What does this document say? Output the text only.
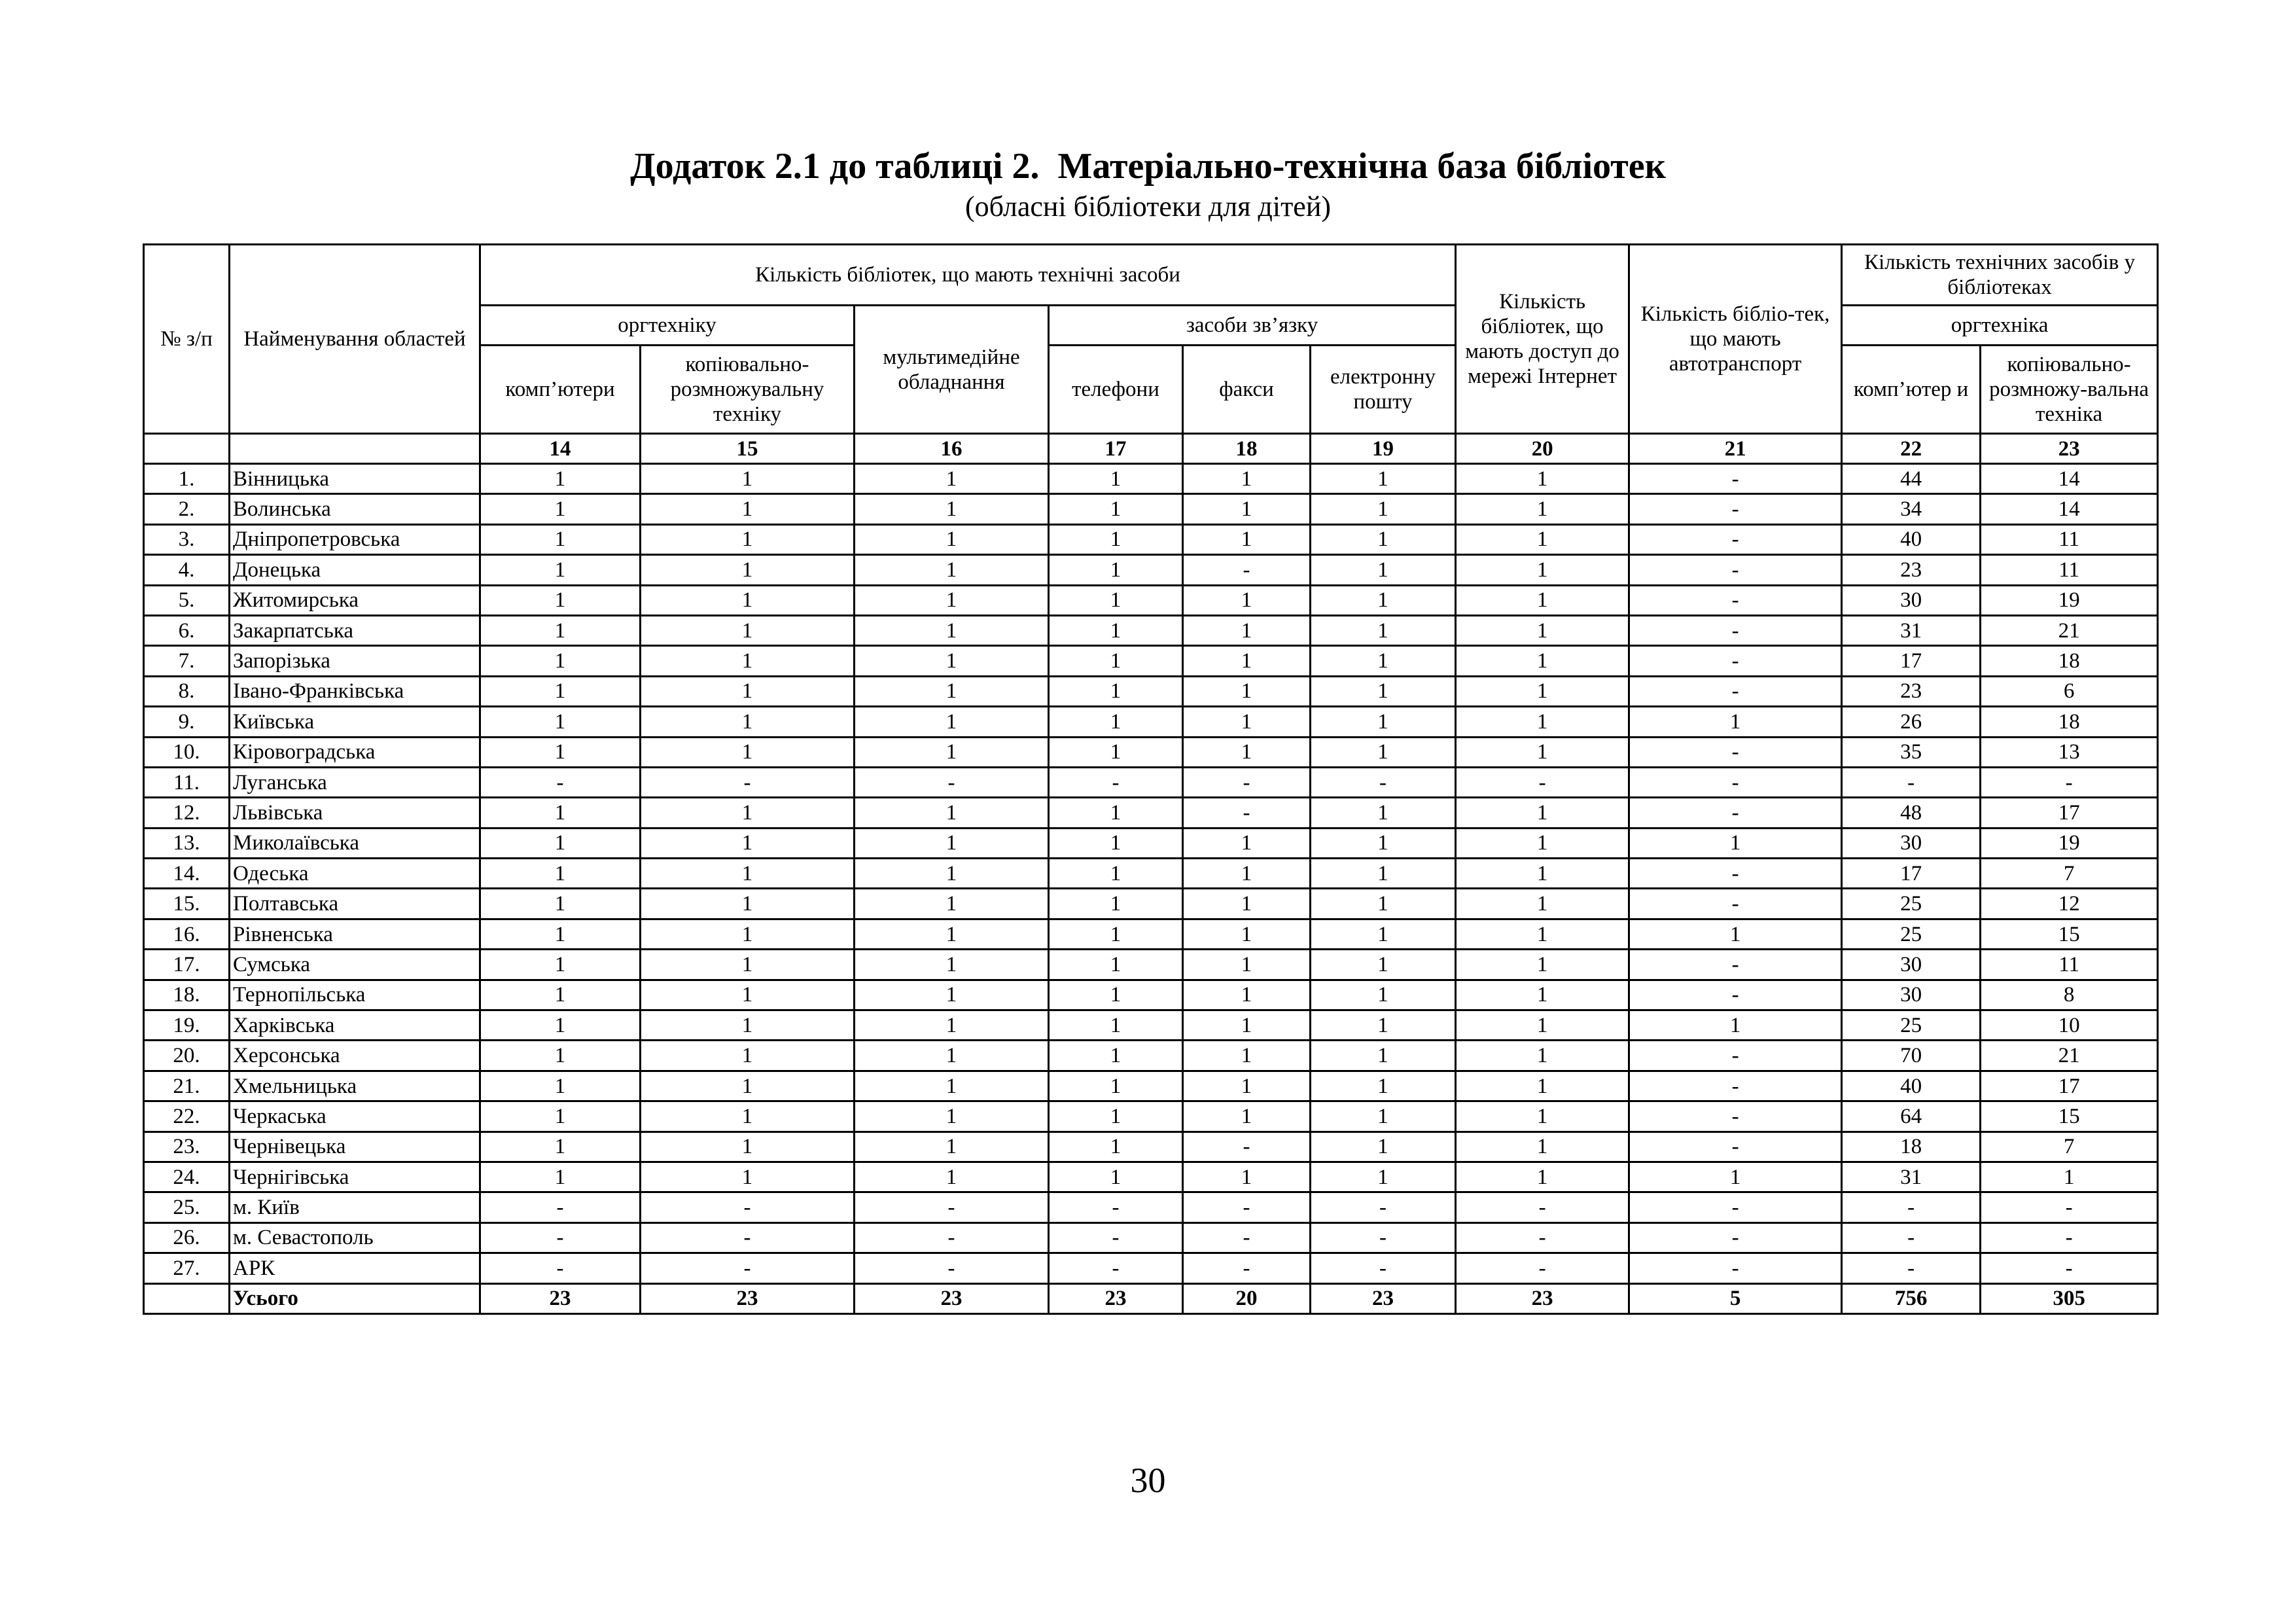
Додаток 2.1 до таблиці 2.  Матеріально-технічна база бібліотек
(обласні бібліотеки для дітей)
№ з/п	Найменування областей	Кількість бібліотек, що мають технічні засоби						Кількість бібліотек, що мають доступ до мережі Інтернет	Кількість бібліо-тек, що мають автотранспорт	Кількість технічних засобів у бібліотеках	
		оргтехніку		мультимедійне обладнання	засоби зв’язку					оргтехніка	
		комп’ютери	копіювально-розмножувальну техніку		телефони	факси	електронну пошту			комп’ютер и	копіювально-розмножу-вальна техніка
		14	15	16	17	18	19	20	21	22	23
1.	Вінницька	1	1	1	1	1	1	1	-	44	14
2.	Волинська	1	1	1	1	1	1	1	-	34	14
3.	Дніпропетровська	1	1	1	1	1	1	1	-	40	11
4.	Донецька	1	1	1	1	-	1	1	-	23	11
5.	Житомирська	1	1	1	1	1	1	1	-	30	19
6.	Закарпатська	1	1	1	1	1	1	1	-	31	21
7.	Запорізька	1	1	1	1	1	1	1	-	17	18
8.	Івано-Франківська	1	1	1	1	1	1	1	-	23	6
9.	Київська	1	1	1	1	1	1	1	1	26	18
10.	Кіровоградська	1	1	1	1	1	1	1	-	35	13
11.	Луганська	-	-	-	-	-	-	-	-	-	-
12.	Львівська	1	1	1	1	-	1	1	-	48	17
13.	Миколаївська	1	1	1	1	1	1	1	1	30	19
14.	Одеська	1	1	1	1	1	1	1	-	17	7
15.	Полтавська	1	1	1	1	1	1	1	-	25	12
16.	Рівненська	1	1	1	1	1	1	1	1	25	15
17.	Сумська	1	1	1	1	1	1	1	-	30	11
18.	Тернопільська	1	1	1	1	1	1	1	-	30	8
19.	Харківська	1	1	1	1	1	1	1	1	25	10
20.	Херсонська	1	1	1	1	1	1	1	-	70	21
21.	Хмельницька	1	1	1	1	1	1	1	-	40	17
22.	Черкаська	1	1	1	1	1	1	1	-	64	15
23.	Чернівецька	1	1	1	1	-	1	1	-	18	7
24.	Чернігівська	1	1	1	1	1	1	1	1	31	1
25.	м. Київ	-	-	-	-	-	-	-	-	-	-
26.	м. Севастополь	-	-	-	-	-	-	-	-	-	-
27.	АРК	-	-	-	-	-	-	-	-	-	-
	Усього	23	23	23	23	20	23	23	5	756	305
30
